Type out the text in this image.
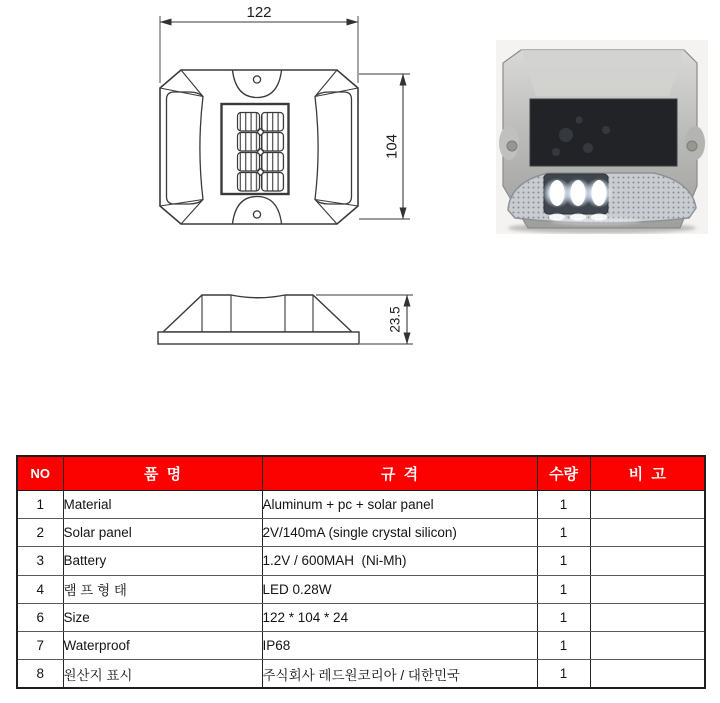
122
104
23.5
NO	품  명	규  격	수량	비  고
1	Material	Aluminum + pc + solar panel	1	
2	Solar panel	2V/140mA (single crystal silicon)	1	
3	Battery	1.2V / 600MAH  (Ni-Mh)	1	
4	램 프 형 태	LED 0.28W	1	
6	Size	122 * 104 * 24	1	
7	Waterproof	IP68	1	
8	원산지 표시	주식회사 레드원코리아 / 대한민국	1	
